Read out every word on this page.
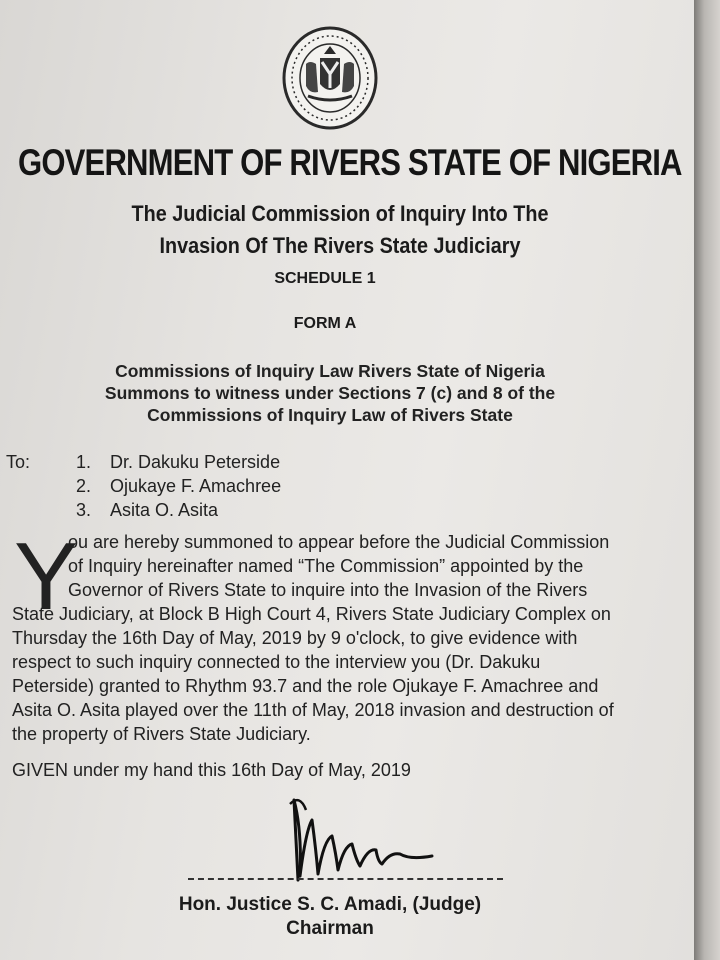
GOVERNMENT OF RIVERS STATE OF NIGERIA
The Judicial Commission of Inquiry Into The
Invasion Of The Rivers State Judiciary
SCHEDULE 1
FORM A
Commissions of Inquiry Law Rivers State of Nigeria
Summons to witness under Sections 7 (c) and 8 of the
Commissions of Inquiry Law of Rivers State
To:	1. Dr. Dakuku Peterside
2. Ojukaye F. Amachree
3. Asita O. Asita
Y
ou are hereby summoned to appear before the Judicial Commission
of Inquiry hereinafter named “The Commission” appointed by the
Governor of Rivers State to inquire into the Invasion of the Rivers
State Judiciary, at Block B High Court 4, Rivers State Judiciary Complex on
Thursday the 16th Day of May, 2019 by 9 o'clock, to give evidence with
respect to such inquiry connected to the interview you (Dr. Dakuku
Peterside) granted to Rhythm 93.7 and the role Ojukaye F. Amachree and
Asita O. Asita played over the 11th of May, 2018 invasion and destruction of
the property of Rivers State Judiciary.
GIVEN under my hand this 16th Day of May, 2019
Hon. Justice S. C. Amadi, (Judge)
Chairman
